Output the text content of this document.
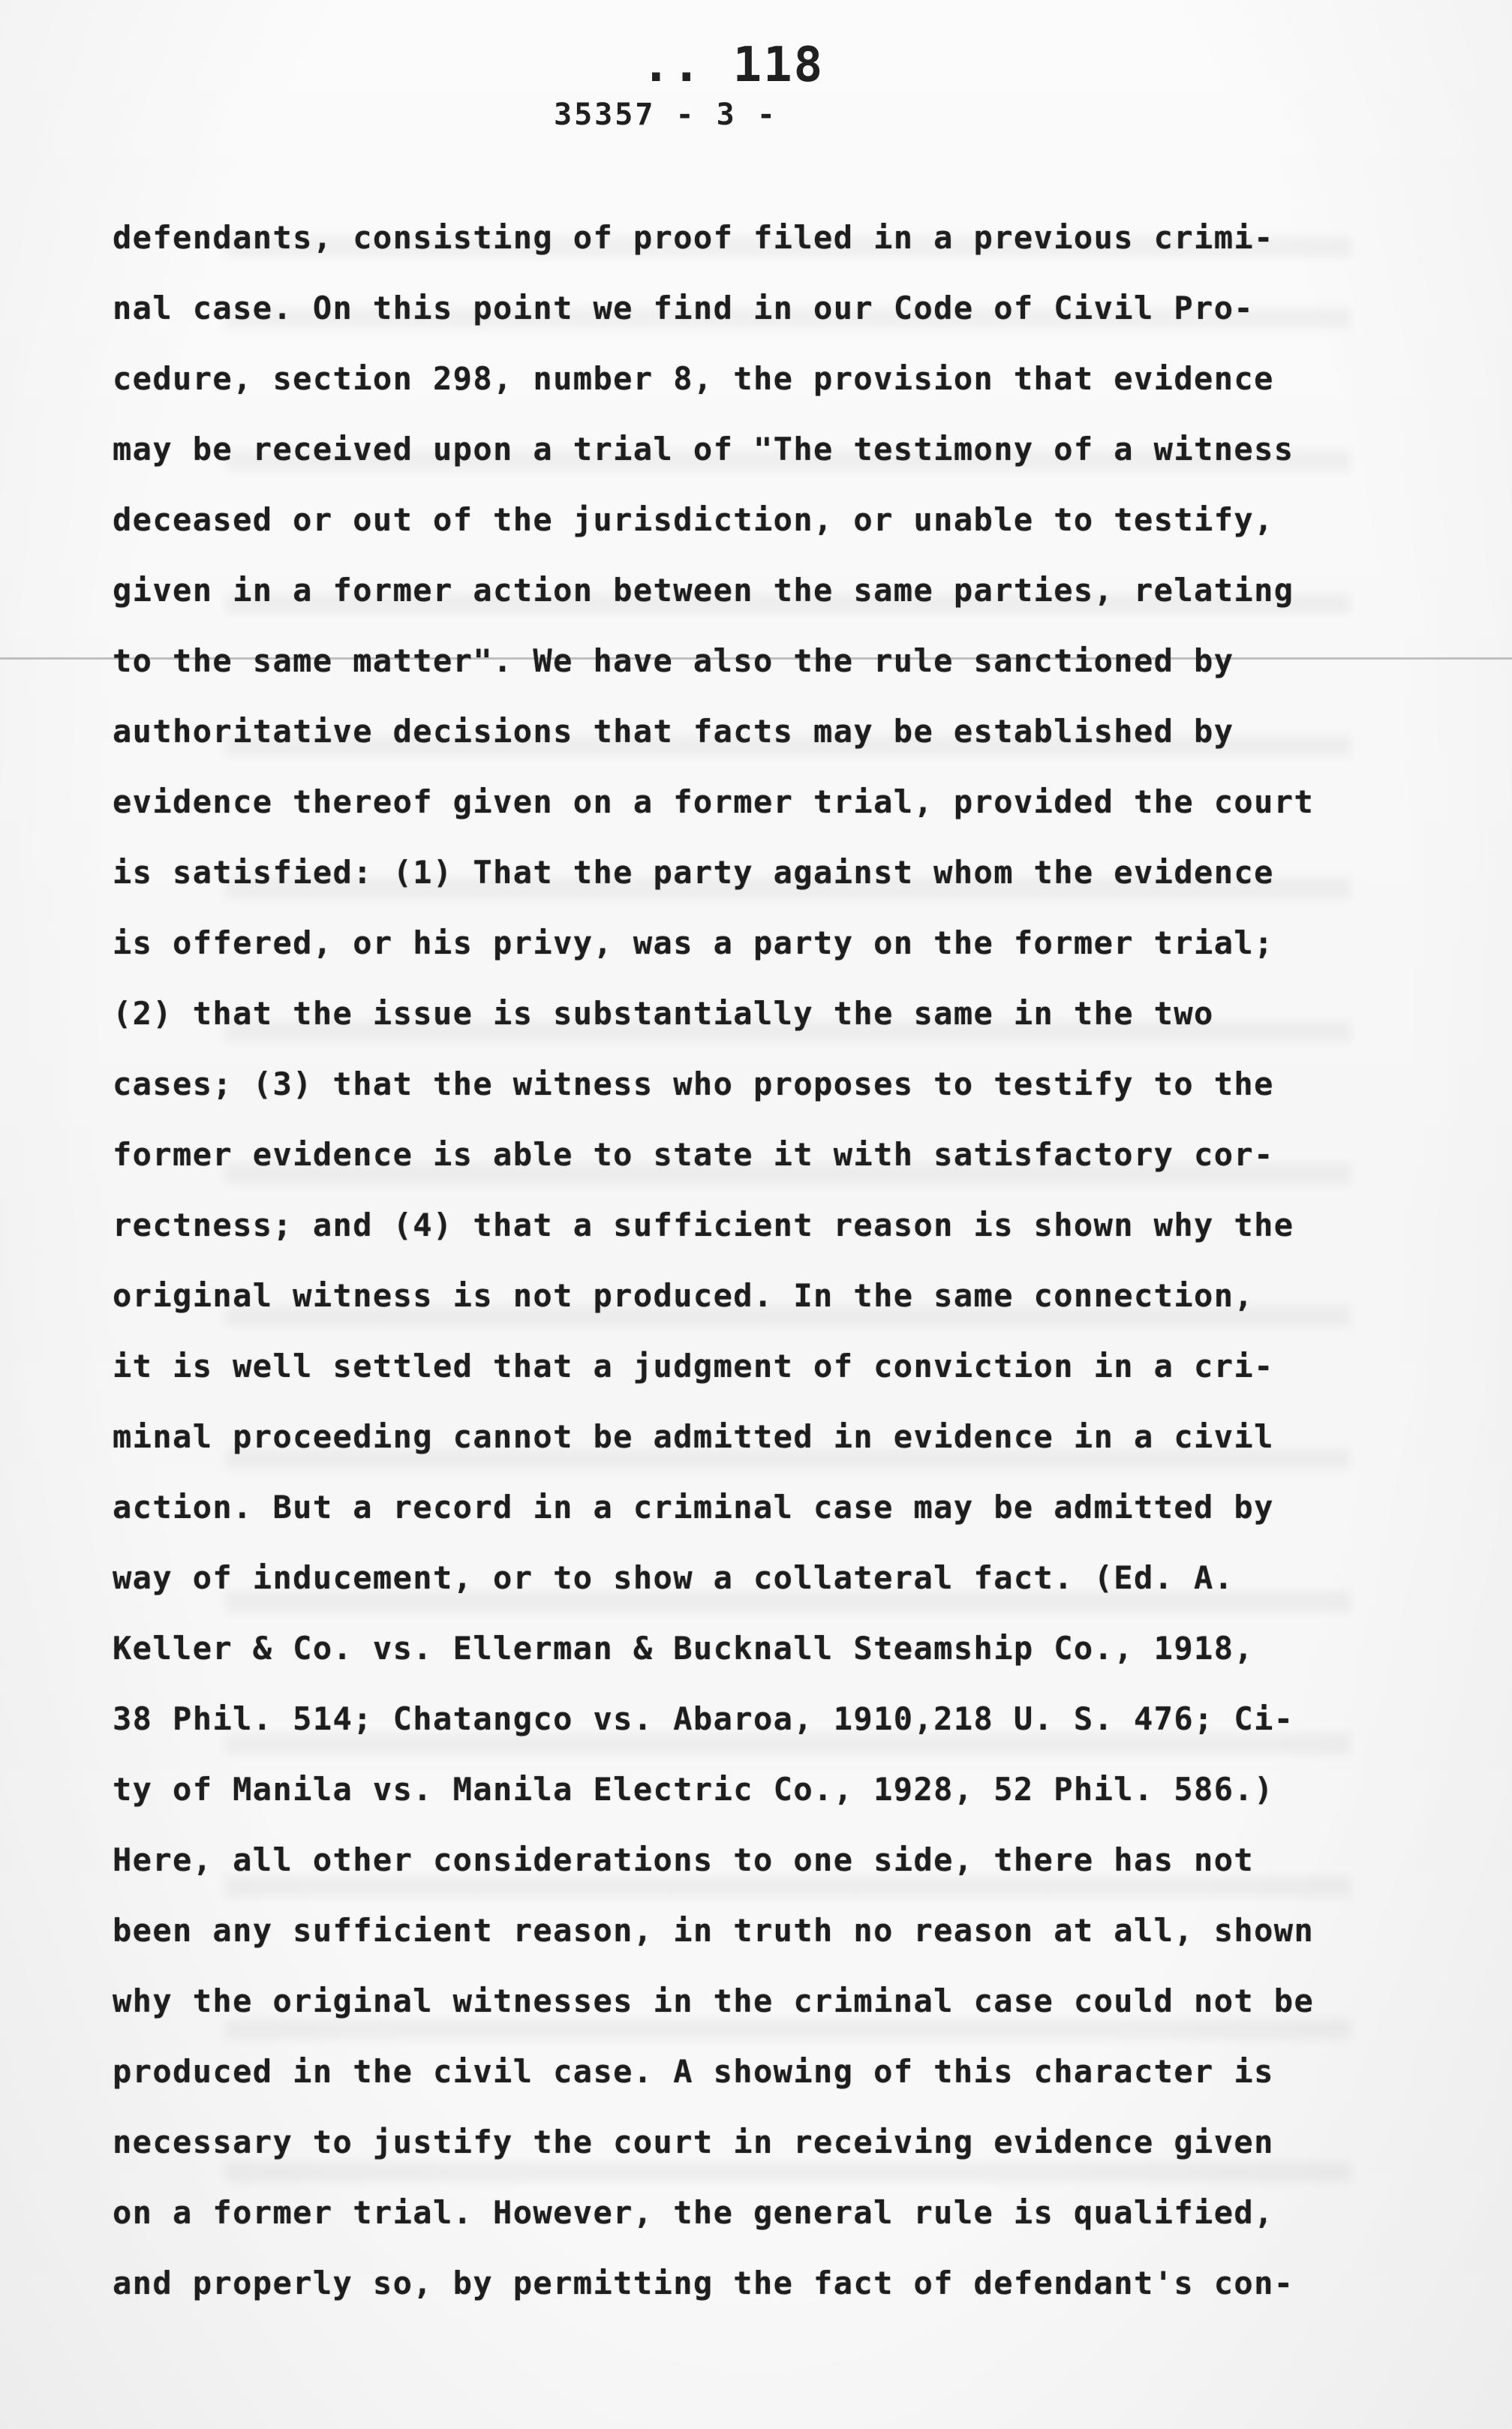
.. 118
35357 - 3 -
defendants, consisting of proof filed in a previous crimi-
nal case. On this point we find in our Code of Civil Pro-
cedure, section 298, number 8, the provision that evidence
may be received upon a trial of "The testimony of a witness
deceased or out of the jurisdiction, or unable to testify,
given in a former action between the same parties, relating
to the same matter". We have also the rule sanctioned by
authoritative decisions that facts may be established by
evidence thereof given on a former trial, provided the court
is satisfied: (1) That the party against whom the evidence
is offered, or his privy, was a party on the former trial;
(2) that the issue is substantially the same in the two
cases; (3) that the witness who proposes to testify to the
former evidence is able to state it with satisfactory cor-
rectness; and (4) that a sufficient reason is shown why the
original witness is not produced. In the same connection,
it is well settled that a judgment of conviction in a cri-
minal proceeding cannot be admitted in evidence in a civil
action. But a record in a criminal case may be admitted by
way of inducement, or to show a collateral fact. (Ed. A.
Keller & Co. vs. Ellerman & Bucknall Steamship Co., 1918,
38 Phil. 514; Chatangco vs. Abaroa, 1910,218 U. S. 476; Ci-
ty of Manila vs. Manila Electric Co., 1928, 52 Phil. 586.)
Here, all other considerations to one side, there has not
been any sufficient reason, in truth no reason at all, shown
why the original witnesses in the criminal case could not be
produced in the civil case. A showing of this character is
necessary to justify the court in receiving evidence given
on a former trial. However, the general rule is qualified,
and properly so, by permitting the fact of defendant's con-
